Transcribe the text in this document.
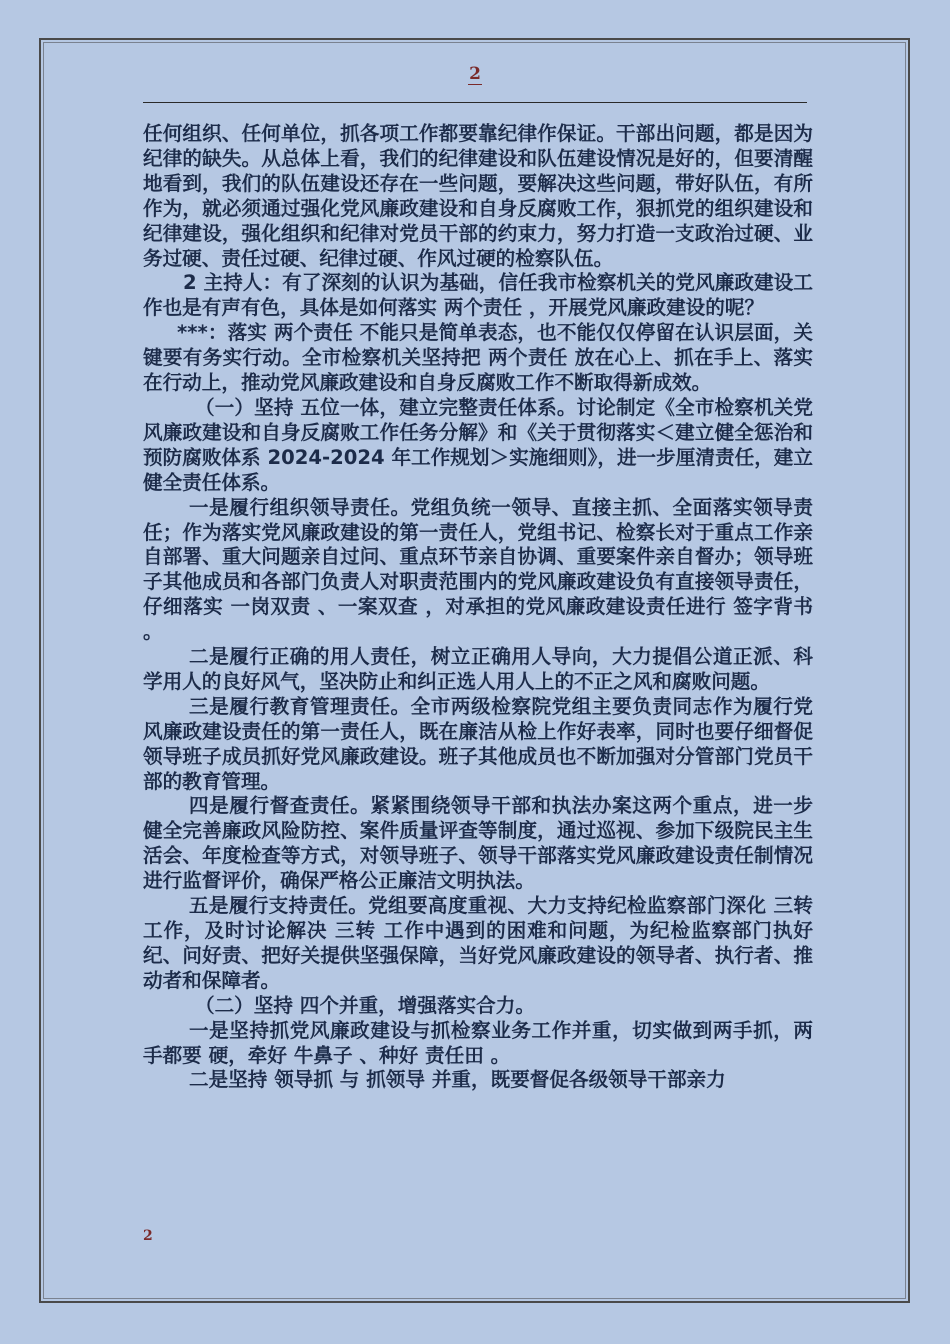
2

任何组织、任何单位，抓各项工作都要靠纪律作保证。干部出问题，都是因为纪律的缺失。从总体上看，我们的纪律建设和队伍建设情况是好的，但要清醒地看到，我们的队伍建设还存在一些问题，要解决这些问题，带好队伍，有所作为，就必须通过强化党风廉政建设和自身反腐败工作，狠抓党的组织建设和纪律建设，强化组织和纪律对党员干部的约束力，努力打造一支政治过硬、业务过硬、责任过硬、纪律过硬、作风过硬的检察队伍。

2 主持人：有了深刻的认识为基础，信任我市检察机关的党风廉政建设工作也是有声有色，具体是如何落实 两个责任 ，开展党风廉政建设的呢？

***：落实 两个责任 不能只是简单表态，也不能仅仅停留在认识层面，关键要有务实行动。全市检察机关坚持把 两个责任 放在心上、抓在手上、落实在行动上，推动党风廉政建设和自身反腐败工作不断取得新成效。

（一）坚持 五位一体，建立完整责任体系。讨论制定《全市检察机关党风廉政建设和自身反腐败工作任务分解》和《关于贯彻落实＜建立健全惩治和预防腐败体系 2024-2024 年工作规划＞实施细则》，进一步厘清责任，建立健全责任体系。

一是履行组织领导责任。党组负统一领导、直接主抓、全面落实领导责任；作为落实党风廉政建设的第一责任人，党组书记、检察长对于重点工作亲自部署、重大问题亲自过问、重点环节亲自协调、重要案件亲自督办；领导班子其他成员和各部门负责人对职责范围内的党风廉政建设负有直接领导责任，仔细落实 一岗双责 、一案双查 ，对承担的党风廉政建设责任进行 签字背书 。

二是履行正确的用人责任，树立正确用人导向，大力提倡公道正派、科学用人的良好风气，坚决防止和纠正选人用人上的不正之风和腐败问题。

三是履行教育管理责任。全市两级检察院党组主要负责同志作为履行党风廉政建设责任的第一责任人，既在廉洁从检上作好表率，同时也要仔细督促领导班子成员抓好党风廉政建设。班子其他成员也不断加强对分管部门党员干部的教育管理。

四是履行督查责任。紧紧围绕领导干部和执法办案这两个重点，进一步健全完善廉政风险防控、案件质量评查等制度，通过巡视、参加下级院民主生活会、年度检查等方式，对领导班子、领导干部落实党风廉政建设责任制情况进行监督评价，确保严格公正廉洁文明执法。

五是履行支持责任。党组要高度重视、大力支持纪检监察部门深化 三转 工作，及时讨论解决 三转 工作中遇到的困难和问题，为纪检监察部门执好纪、问好责、把好关提供坚强保障，当好党风廉政建设的领导者、执行者、推动者和保障者。

（二）坚持 四个并重，增强落实合力。

一是坚持抓党风廉政建设与抓检察业务工作并重，切实做到两手抓，两手都要 硬，牵好 牛鼻子 、种好 责任田 。

二是坚持 领导抓 与 抓领导 并重，既要督促各级领导干部亲力

2
